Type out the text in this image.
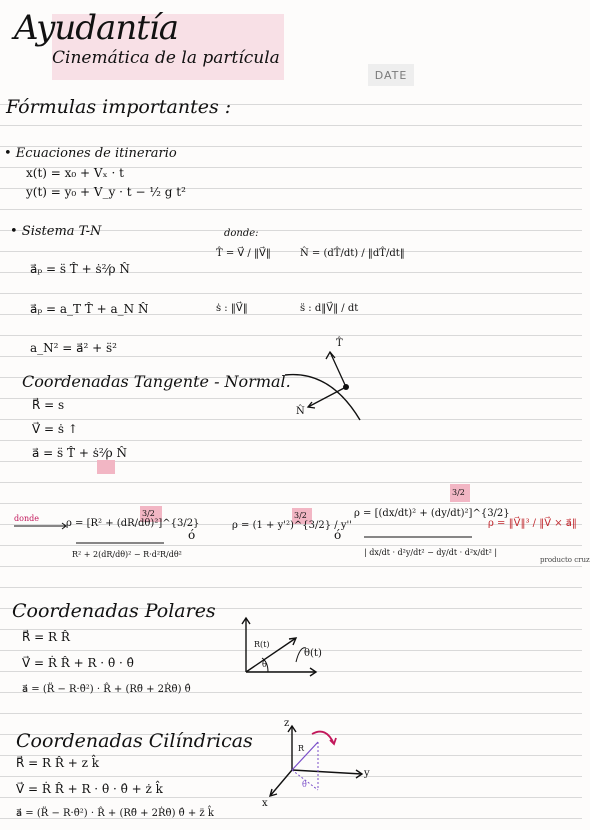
Ayudantía
Cinemática de la partícula
DATE
Fórmulas importantes :
• Ecuaciones de itinerario
x(t) = x₀ + Vₓ · t
y(t) = y₀ + V_y · t − ½ g t²
• Sistema T-N
a⃗ₚ = s̈ T̂ + ṡ²⁄ρ N̂
a⃗ₚ = a_T T̂ + a_N N̂
a_N² = a⃗² + s̈²
donde:
T̂ = V⃗ / ‖V⃗‖	N̂ = (dT̂/dt) / ‖dT̂/dt‖
ṡ : ‖V⃗‖	s̈ : d‖V⃗‖ / dt
Coordenadas Tangente - Normal.
R⃗ = s
V⃗ = ṡ ↑
a⃗ = s̈ T̂ + ṡ²⁄ρ N̂
T̂
N̂
donde
3/2
ρ = [R² + (dR/dθ)²]^{3/2}
R² + 2(dR/dθ)² − R·d²R/dθ²
ó
3/2
ρ = (1 + y'²)^{3/2} / y''
ó
3/2
ρ = [(dx/dt)² + (dy/dt)²]^{3/2}
| dx/dt · d²y/dt² − dy/dt · d²x/dt² |
ρ = ‖V⃗‖³ / ‖V⃗ × a⃗‖
producto cruz
Coordenadas Polares
R⃗ = R R̂
V⃗ = Ṙ R̂ + R · θ̇ · θ̂
a⃗ = (R̈ − R·θ̇²) · R̂ + (Rθ̈ + 2Ṙθ̇) θ̂
R(t)
θ
θ(t)
Coordenadas Cilíndricas
R⃗ = R R̂ + z k̂
V⃗ = Ṙ R̂ + R · θ̇ · θ̂ + ż k̂
a⃗ = (R̈ − R·θ̇²) · R̂ + (Rθ̈ + 2Ṙθ̇) θ̂ + z̈ k̂
z
y
x
R
θ
